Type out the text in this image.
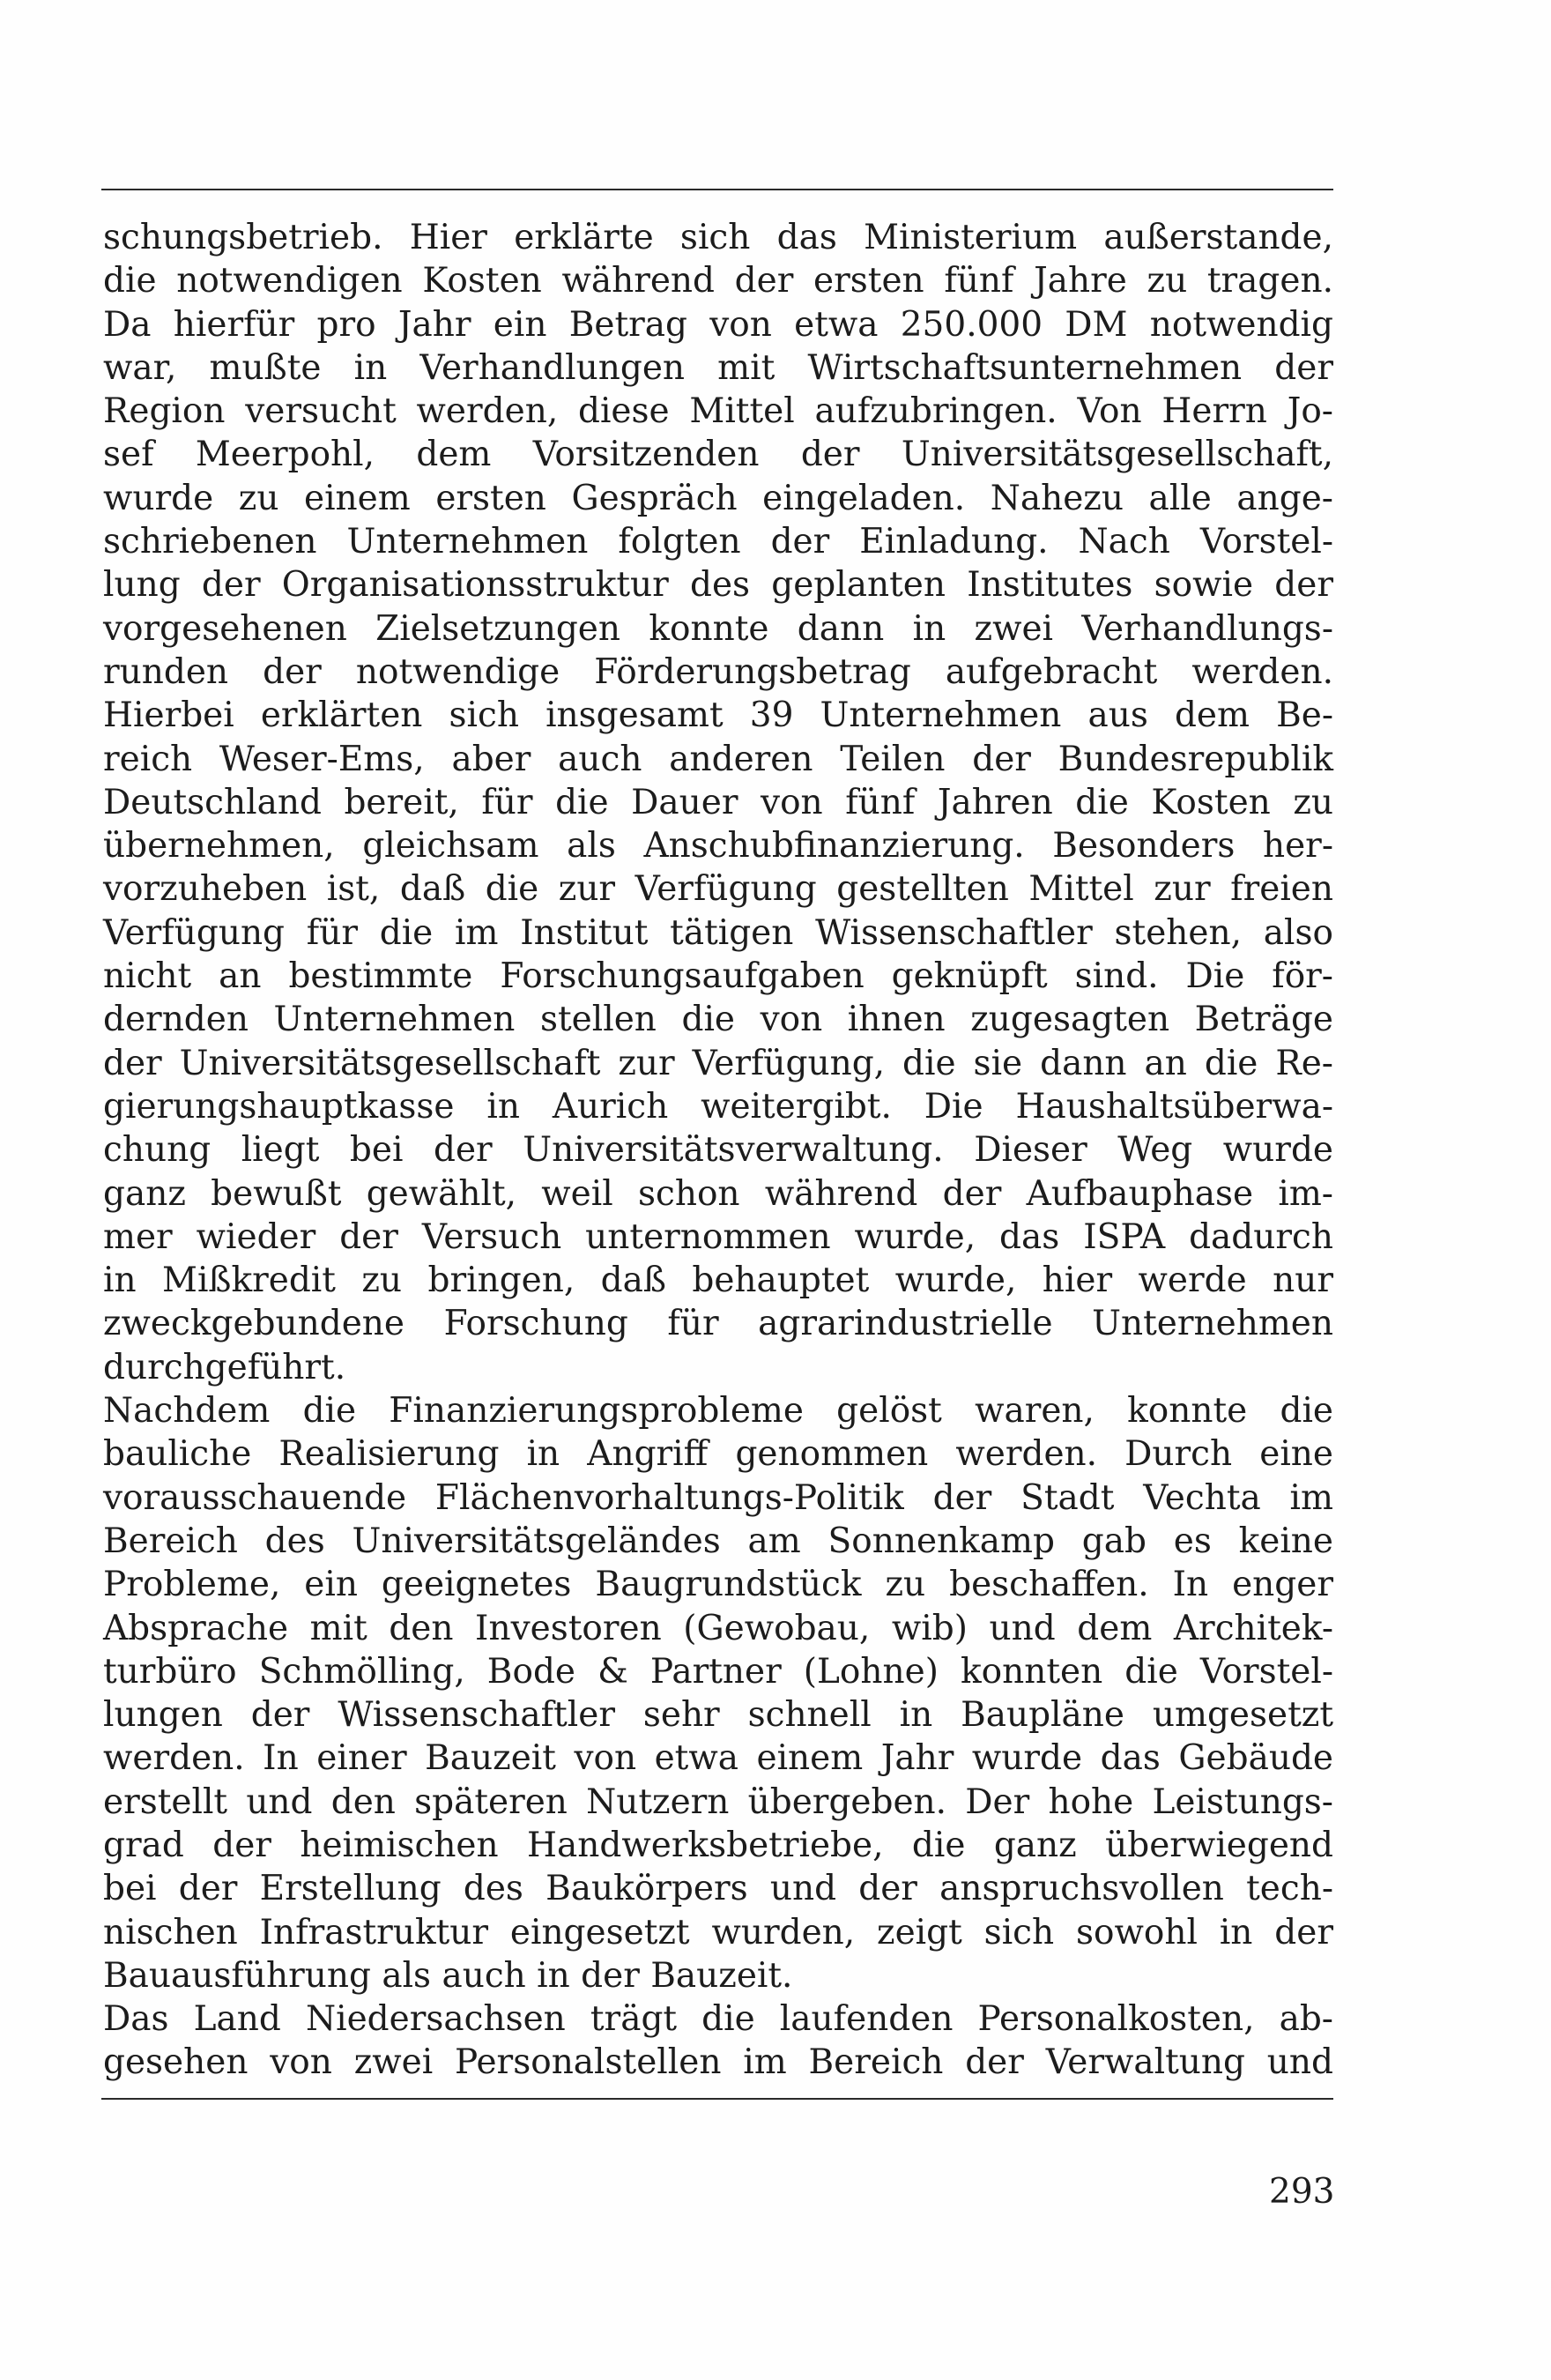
schungsbetrieb. Hier erklärte sich das Ministerium außerstande,
die notwendigen Kosten während der ersten fünf Jahre zu tragen.
Da hierfür pro Jahr ein Betrag von etwa 250.000 DM notwendig
war, mußte in Verhandlungen mit Wirtschaftsunternehmen der
Region versucht werden, diese Mittel aufzubringen. Von Herrn Jo-
sef Meerpohl, dem Vorsitzenden der Universitätsgesellschaft,
wurde zu einem ersten Gespräch eingeladen. Nahezu alle ange-
schriebenen Unternehmen folgten der Einladung. Nach Vorstel-
lung der Organisationsstruktur des geplanten Institutes sowie der
vorgesehenen Zielsetzungen konnte dann in zwei Verhandlungs-
runden der notwendige Förderungsbetrag aufgebracht werden.
Hierbei erklärten sich insgesamt 39 Unternehmen aus dem Be-
reich Weser-Ems, aber auch anderen Teilen der Bundesrepublik
Deutschland bereit, für die Dauer von fünf Jahren die Kosten zu
übernehmen, gleichsam als Anschubfinanzierung. Besonders her-
vorzuheben ist, daß die zur Verfügung gestellten Mittel zur freien
Verfügung für die im Institut tätigen Wissenschaftler stehen, also
nicht an bestimmte Forschungsaufgaben geknüpft sind. Die för-
dernden Unternehmen stellen die von ihnen zugesagten Beträge
der Universitätsgesellschaft zur Verfügung, die sie dann an die Re-
gierungshauptkasse in Aurich weitergibt. Die Haushaltsüberwa-
chung liegt bei der Universitätsverwaltung. Dieser Weg wurde
ganz bewußt gewählt, weil schon während der Aufbauphase im-
mer wieder der Versuch unternommen wurde, das ISPA dadurch
in Mißkredit zu bringen, daß behauptet wurde, hier werde nur
zweckgebundene Forschung für agrarindustrielle Unternehmen
durchgeführt.
Nachdem die Finanzierungsprobleme gelöst waren, konnte die
bauliche Realisierung in Angriff genommen werden. Durch eine
vorausschauende Flächenvorhaltungs-Politik der Stadt Vechta im
Bereich des Universitätsgeländes am Sonnenkamp gab es keine
Probleme, ein geeignetes Baugrundstück zu beschaffen. In enger
Absprache mit den Investoren (Gewobau, wib) und dem Architek-
turbüro Schmölling, Bode & Partner (Lohne) konnten die Vorstel-
lungen der Wissenschaftler sehr schnell in Baupläne umgesetzt
werden. In einer Bauzeit von etwa einem Jahr wurde das Gebäude
erstellt und den späteren Nutzern übergeben. Der hohe Leistungs-
grad der heimischen Handwerksbetriebe, die ganz überwiegend
bei der Erstellung des Baukörpers und der anspruchsvollen tech-
nischen Infrastruktur eingesetzt wurden, zeigt sich sowohl in der
Bauausführung als auch in der Bauzeit.
Das Land Niedersachsen trägt die laufenden Personalkosten, ab-
gesehen von zwei Personalstellen im Bereich der Verwaltung und
293
